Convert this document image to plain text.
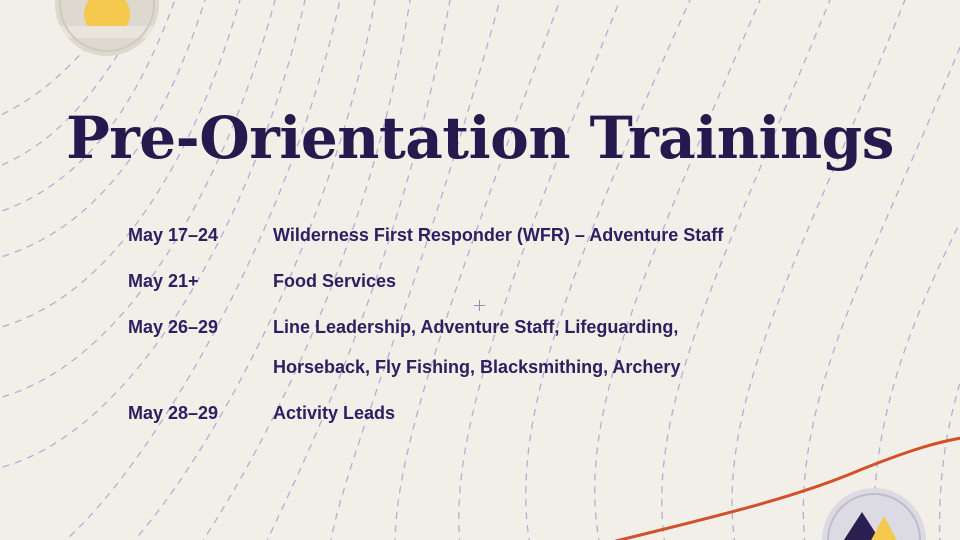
Pre-Orientation Trainings
May 17–24	Wilderness First Responder (WFR) – Adventure Staff
May 21+	Food Services
May 26–29	Line Leadership, Adventure Staff, Lifeguarding,
Horseback, Fly Fishing, Blacksmithing, Archery
May 28–29	Activity Leads
